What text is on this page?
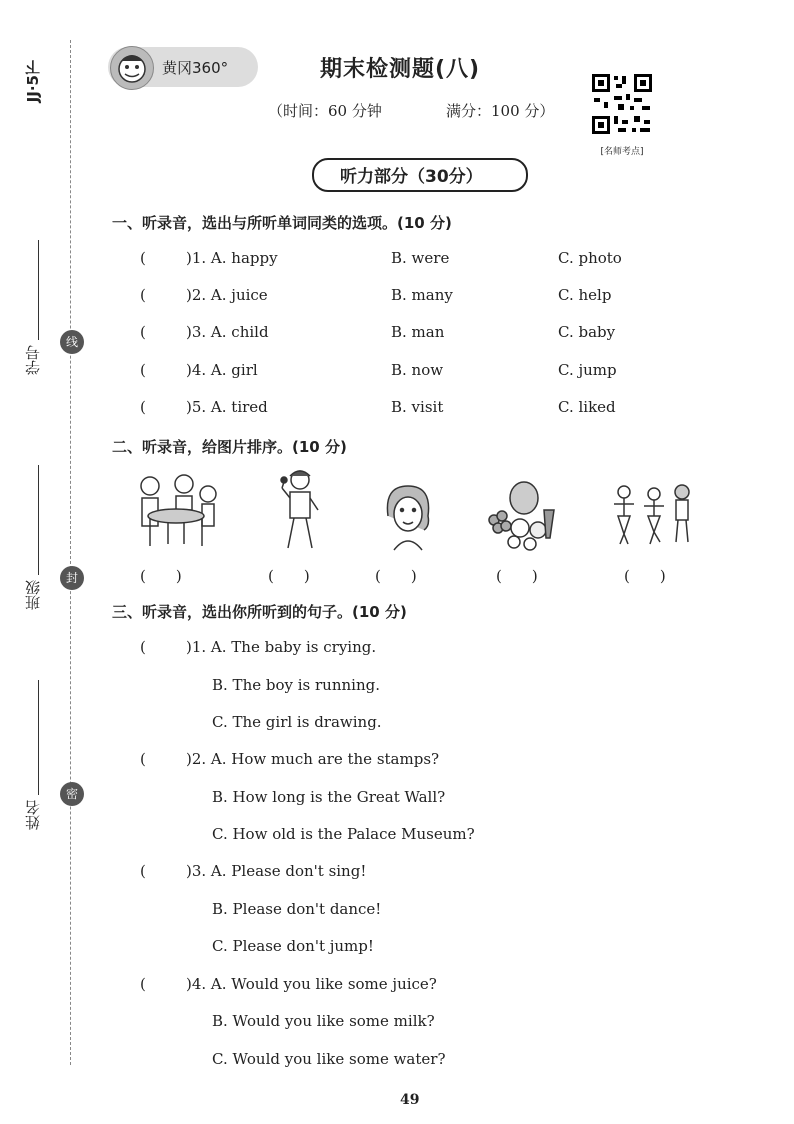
JJ·5下
学号
班级
姓名
线
封
密
黄冈360°	期末检测题(八)
（时间：60 分钟	满分：100 分）
[名师考点]
听力部分（30分）
一、听录音，选出与所听单词同类的选项。(10 分)
(	)1. A. happy	B. were	C. photo
(	)2. A. juice	B. many	C. help
(	)3. A. child	B. man	C. baby
(	)4. A. girl	B. now	C. jump
(	)5. A. tired	B. visit	C. liked
二、听录音，给图片排序。(10 分)
(　　)	(　　)	(　　)	(　　)	(　　)
三、听录音，选出你所听到的句子。(10 分)
(	)1. A. The baby is crying.
B. The boy is running.
C. The girl is drawing.
(	)2. A. How much are the stamps?
B. How long is the Great Wall?
C. How old is the Palace Museum?
(	)3. A. Please don't sing!
B. Please don't dance!
C. Please don't jump!
(	)4. A. Would you like some juice?
B. Would you like some milk?
C. Would you like some water?
49
